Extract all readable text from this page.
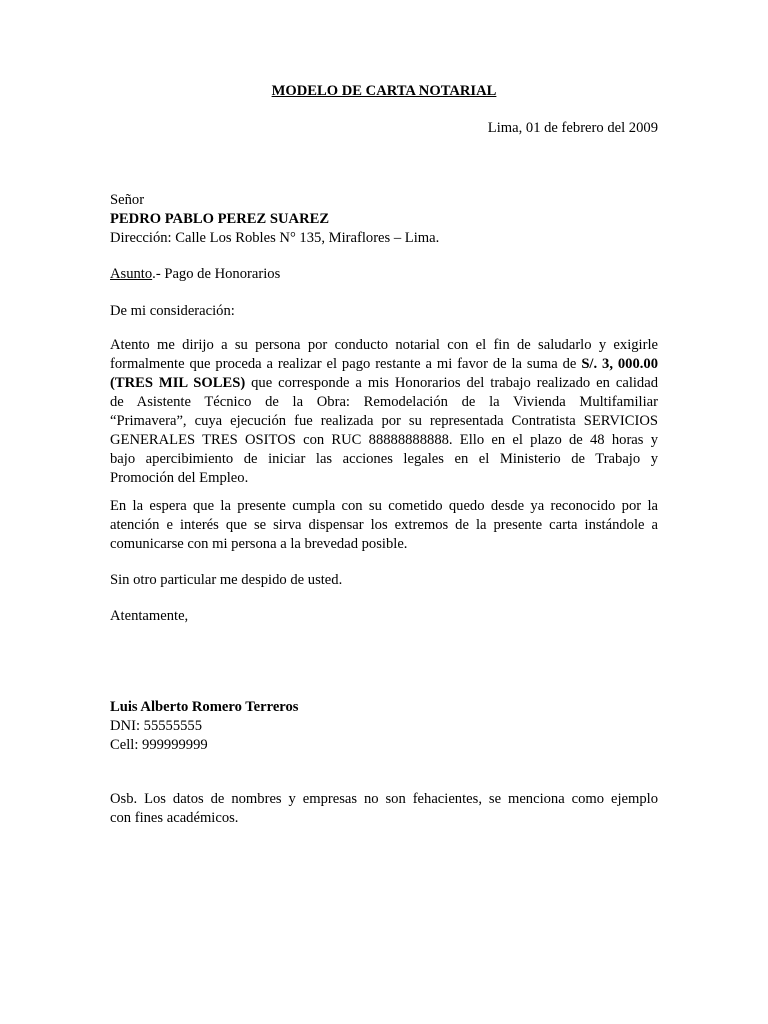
MODELO DE CARTA NOTARIAL
Lima, 01 de febrero del 2009
Señor
PEDRO PABLO PEREZ SUAREZ
Dirección: Calle Los Robles N° 135, Miraflores – Lima.
Asunto.- Pago de Honorarios
De mi consideración:
Atento me dirijo a su persona por conducto notarial con el fin de saludarlo y exigirle
formalmente que proceda a realizar el pago restante a mi favor de la suma de S/. 3, 000.00
(TRES MIL SOLES) que corresponde a mis Honorarios del trabajo realizado en calidad
de Asistente Técnico de la Obra: Remodelación de la Vivienda Multifamiliar
“Primavera”, cuya ejecución fue realizada por su representada Contratista SERVICIOS
GENERALES TRES OSITOS con RUC 88888888888. Ello en el plazo de 48 horas y
bajo apercibimiento de iniciar las acciones legales en el Ministerio de Trabajo y
Promoción del Empleo.
En la espera que la presente cumpla con su cometido quedo desde ya reconocido por la
atención e interés que se sirva dispensar los extremos de la presente carta instándole a
comunicarse con mi persona a la brevedad posible.
Sin otro particular me despido de usted.
Atentamente,
Luis Alberto Romero Terreros
DNI: 55555555
Cell: 999999999
Osb. Los datos de nombres y empresas no son fehacientes, se menciona como ejemplo
con fines académicos.
